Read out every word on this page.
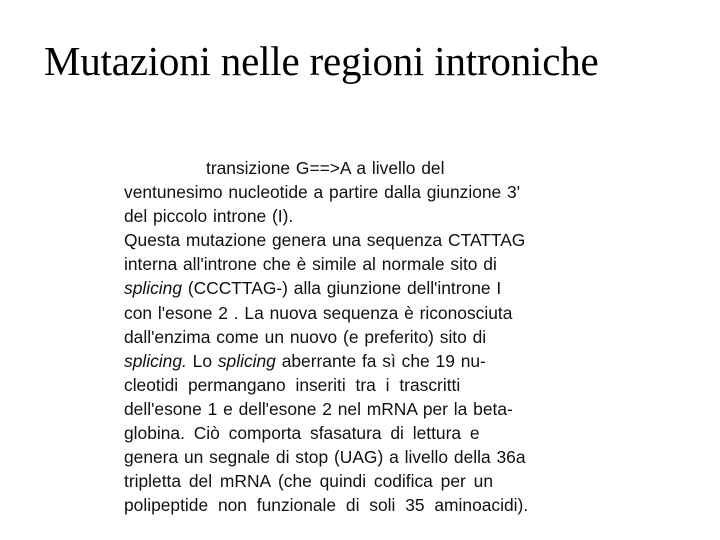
Mutazioni nelle regioni introniche
transizione G==>A a livello del
ventunesimo nucleotide a partire dalla giunzione 3'
del piccolo introne (I).
Questa mutazione genera una sequenza CTATTAG
interna all'introne che è simile al normale sito di
splicing (CCCTTAG-) alla giunzione dell'introne I
con l'esone 2 . La nuova sequenza è riconosciuta
dall'enzima come un nuovo (e preferito) sito di
splicing. Lo splicing aberrante fa sì che 19 nu-
cleotidi permangano inseriti tra i trascritti
dell'esone 1 e dell'esone 2 nel mRNA per la beta-
globina. Ciò comporta sfasatura di lettura e
genera un segnale di stop (UAG) a livello della 36a
tripletta del mRNA (che quindi codifica per un
polipeptide non funzionale di soli 35 aminoacidi).
